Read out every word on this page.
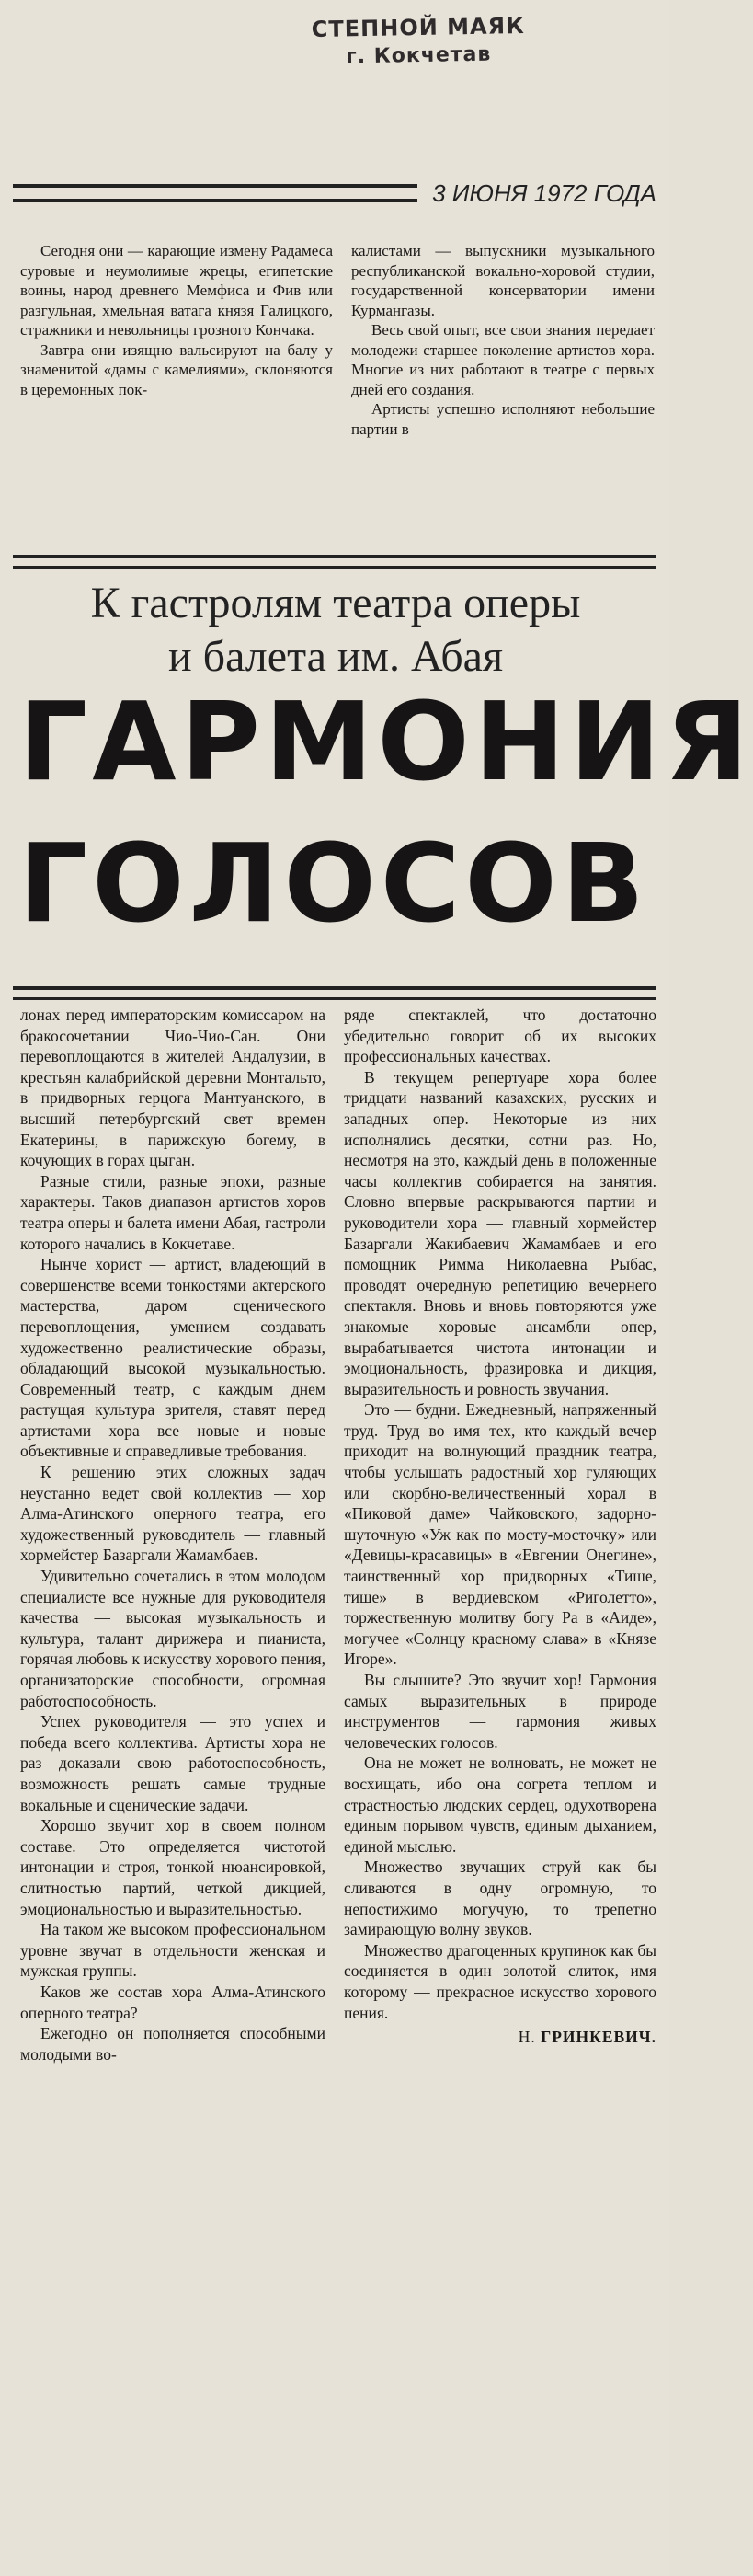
СТЕПНОЙ МАЯК
г. Кокчетав
3 ИЮНЯ 1972 ГОДА

Сегодня они — карающие измену Радамеса суровые и неумолимые жрецы, египетские воины, народ древнего Мемфиса и Фив или разгульная, хмельная ватага князя Галицкого, стражники и невольницы грозного Кончака.

Завтра они изящно вальсируют на балу у знаменитой «дамы с камелиями», склоняются в церемонных пок-

калистами — выпускники музыкального республиканской вокально-хоровой студии, государственной консерватории имени Курмангазы.

Весь свой опыт, все свои знания передает молодежи старшее поколение артистов хора. Многие из них работают в театре с первых дней его создания.

Артисты успешно исполняют небольшие партии в

К гастролям театра оперы
и балета им. Абая
ГАРМОНИЯ
ГОЛОСОВ

лонах перед императорским комиссаром на бракосочетании Чио-Чио-Сан. Они перевоплощаются в жителей Андалузии, в крестьян калабрийской деревни Монтальто, в придворных герцога Мантуанского, в высший петербургский свет времен Екатерины, в парижскую богему, в кочующих в горах цыган.

Разные стили, разные эпохи, разные характеры. Таков диапазон артистов хоров театра оперы и балета имени Абая, гастроли которого начались в Кокчетаве.

Нынче хорист — артист, владеющий в совершенстве всеми тонкостями актерского мастерства, даром сценического перевоплощения, умением создавать художественно реалистические образы, обладающий высокой музыкальностью. Современный театр, с каждым днем растущая культура зрителя, ставят перед артистами хора все новые и новые объективные и справедливые требования.

К решению этих сложных задач неустанно ведет свой коллектив — хор Алма-Атинского оперного театра, его художественный руководитель — главный хормейстер Базаргали Жамамбаев.

Удивительно сочетались в этом молодом специалисте все нужные для руководителя качества — высокая музыкальность и культура, талант дирижера и пианиста, горячая любовь к искусству хорового пения, организаторские способности, огромная работоспособность.

Успех руководителя — это успех и победа всего коллектива. Артисты хора не раз доказали свою работоспособность, возможность решать самые трудные вокальные и сценические задачи.

Хорошо звучит хор в своем полном составе. Это определяется чистотой интонации и строя, тонкой нюансировкой, слитностью партий, четкой дикцией, эмоциональностью и выразительностью.

На таком же высоком профессиональном уровне звучат в отдельности женская и мужская группы.

Каков же состав хора Алма-Атинского оперного театра?

Ежегодно он пополняется способными молодыми во-

ряде спектаклей, что достаточно убедительно говорит об их высоких профессиональных качествах.

В текущем репертуаре хора более тридцати названий казахских, русских и западных опер. Некоторые из них исполнялись десятки, сотни раз. Но, несмотря на это, каждый день в положенные часы коллектив собирается на занятия. Словно впервые раскрываются партии и руководители хора — главный хормейстер Базаргали Жакибаевич Жамамбаев и его помощник Римма Николаевна Рыбас, проводят очередную репетицию вечернего спектакля. Вновь и вновь повторяются уже знакомые хоровые ансамбли опер, вырабатывается чистота интонации и эмоциональность, фразировка и дикция, выразительность и ровность звучания.

Это — будни. Ежедневный, напряженный труд. Труд во имя тех, кто каждый вечер приходит на волнующий праздник театра, чтобы услышать радостный хор гуляющих или скорбно-величественный хорал в «Пиковой даме» Чайковского, задорно-шуточную «Уж как по мосту-мосточку» или «Девицы-красавицы» в «Евгении Онегине», таинственный хор придворных «Тише, тише» в вердиевском «Риголетто», торжественную молитву богу Ра в «Аиде», могучее «Солнцу красному слава» в «Князе Игоре».

Вы слышите? Это звучит хор! Гармония самых выразительных в природе инструментов — гармония живых человеческих голосов.

Она не может не волновать, не может не восхищать, ибо она согрета теплом и страстностью людских сердец, одухотворена единым порывом чувств, единым дыханием, единой мыслью.

Множество звучащих струй как бы сливаются в одну огромную, то непостижимо могучую, то трепетно замирающую волну звуков.

Множество драгоценных крупинок как бы соединяется в один золотой слиток, имя которому — прекрасное искусство хорового пения.

Н. ГРИНКЕВИЧ.
